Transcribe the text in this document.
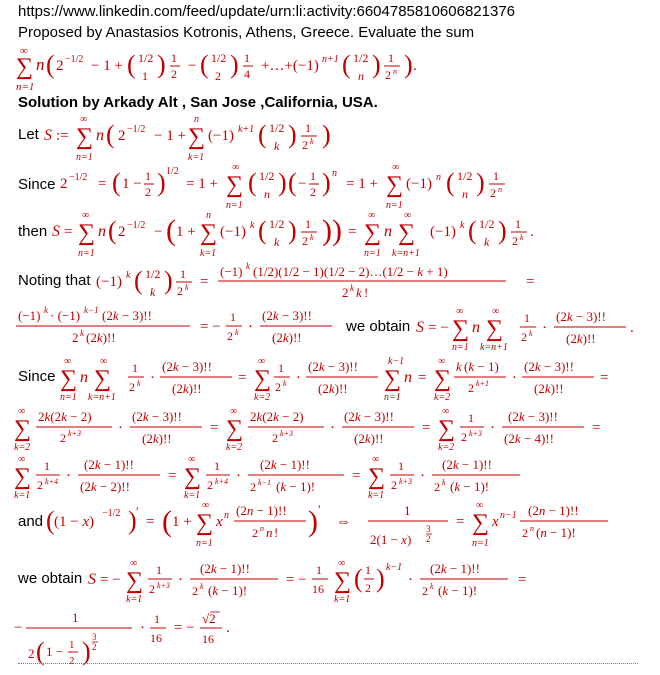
https://www.linkedin.com/feed/update/urn:li:activity:6604785810606821376
Proposed by Anastasios Kotronis, Athens, Greece. Evaluate the sum
∞
∑
n=1
n ( 2 −1/2 − 1 + ( 1/2
1 ) 1
2 − ( 1/2
2 ) 1
4 +…+(−1) n+1 ( 1/2
n ) 1
2 n ) .
Solution by Arkady Alt , San Jose ,California, USA.
Let S :=
∞
∑
n=1
n ( 2 −1/2 − 1 +
n
∑
k=1
(−1) k+1 ( 1/2
k ) 1
2 k )
Since 2 −1/2 = ( 1 − 1
2 ) 1/2
= 1 +
∞
∑
n=1
( 1/2
n ) ( − 1
2 ) n
= 1 +
∞
∑
n=1
(−1) n ( 1/2
n ) 1
2 n
then S =
∞
∑
n=1
n ( 2 −1/2 − ( 1 +
n
∑
k=1
(−1) k ( 1/2
k ) 1
2 k )) =
∞
∑
n=1
n
∞
∑
k=n+1
(−1) k ( 1/2
k ) 1
2 k .
Noting that (−1) k ( 1/2
k ) 1
2 k =
(−1) k (1/2)(1/2 − 1)(1/2 − 2)…(1/2 − k + 1)
2 k k !
=
(−1) k · (−1) k−1 (2k − 3)!!
2 k (2k)!!
= −
1
2 k ·
(2k − 3)!!
(2k)!!
we obtain S = −
∞
∑
n=1
n
∞
∑
k=n+1
1
2 k ·
(2k − 3)!!
(2k)!!
.
Since
∞
∑
n=1
n
∞
∑
k=n+1
1
2 k ·
(2k − 3)!!
(2k)!!
=
∞
∑
k=2
1
2 k ·
(2k − 3)!!
(2k)!!
k−1
∑
n=1
n =
∞
∑
k=2
k (k − 1)
2 k+1 ·
(2k − 3)!!
(2k)!!
=
∞
∑
k=2
2k(2k − 2)
2 k+3 ·
(2k − 3)!!
(2k)!!
=
∞
∑
k=2
2k(2k − 2)
2 k+3 ·
(2k − 3)!!
(2k)!!
=
∞
∑
k=2
1
2 k+3 ·
(2k − 3)!!
(2k − 4)!!
=
∞
∑
k=1
1
2 k+4 ·
(2k − 1)!!
(2k − 2)!!
=
∞
∑
k=1
1
2 k+4 ·
(2k − 1)!!
2 k−1 (k − 1)!
=
∞
∑
k=1
1
2 k+3 ·
(2k − 1)!!
2 k (k − 1)!
and ( (1 − x)
−1/2 ) ′
= ( 1 +
∞
∑
n=1
x n (2n − 1)!!
2 n n ! ) ′
⇔
1
2(1 − x)
3
2
=
∞
∑
n=1
x n−1 (2n − 1)!!
2 n (n − 1)!
we obtain S = −
∞
∑
k=1
1
2 k+3 ·
(2k − 1)!!
2 k (k − 1)!
= −
1
16
∞
∑
k=1
( 1
2 ) k−1
·
(2k − 1)!!
2 k (k − 1)!
=
−
1
2 ( 1 − 1
2 ) 3
2
·
1
16
= −
√2
16
.
